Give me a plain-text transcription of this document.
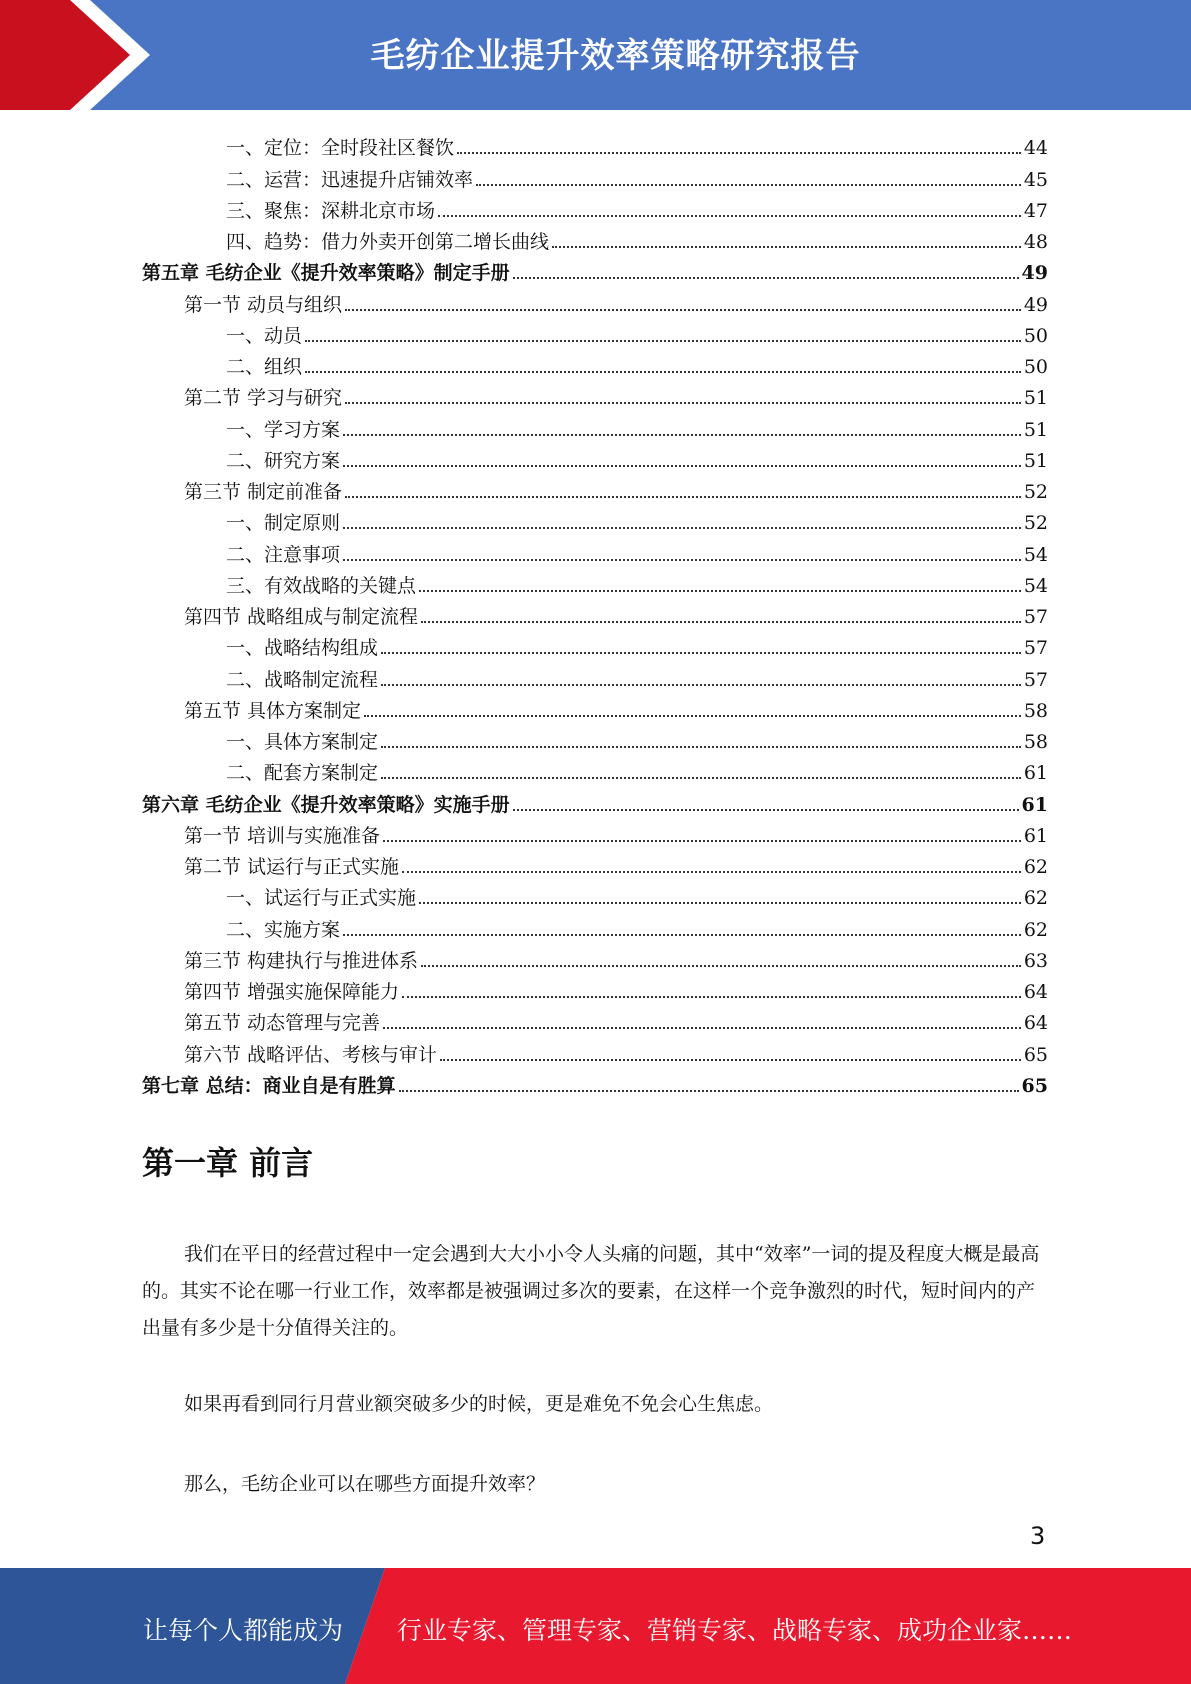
毛纺企业提升效率策略研究报告
一、定位：全时段社区餐饮	44
二、运营：迅速提升店铺效率	45
三、聚焦：深耕北京市场	47
四、趋势：借力外卖开创第二增长曲线	48
第五章 毛纺企业《提升效率策略》制定手册	49
第一节 动员与组织	49
一、动员	50
二、组织	50
第二节 学习与研究	51
一、学习方案	51
二、研究方案	51
第三节 制定前准备	52
一、制定原则	52
二、注意事项	54
三、有效战略的关键点	54
第四节 战略组成与制定流程	57
一、战略结构组成	57
二、战略制定流程	57
第五节 具体方案制定	58
一、具体方案制定	58
二、配套方案制定	61
第六章 毛纺企业《提升效率策略》实施手册	61
第一节 培训与实施准备	61
第二节 试运行与正式实施	62
一、试运行与正式实施	62
二、实施方案	62
第三节 构建执行与推进体系	63
第四节 增强实施保障能力	64
第五节 动态管理与完善	64
第六节 战略评估、考核与审计	65
第七章 总结：商业自是有胜算	65
第一章 前言

我们在平日的经营过程中一定会遇到大大小小令人头痛的问题，其中“效率”一词的提及程度大概是最高的。其实不论在哪一行业工作，效率都是被强调过多次的要素，在这样一个竞争激烈的时代，短时间内的产出量有多少是十分值得关注的。

如果再看到同行月营业额突破多少的时候，更是难免不免会心生焦虑。

那么，毛纺企业可以在哪些方面提升效率？

3
让每个人都能成为 行业专家、管理专家、营销专家、战略专家、成功企业家……
